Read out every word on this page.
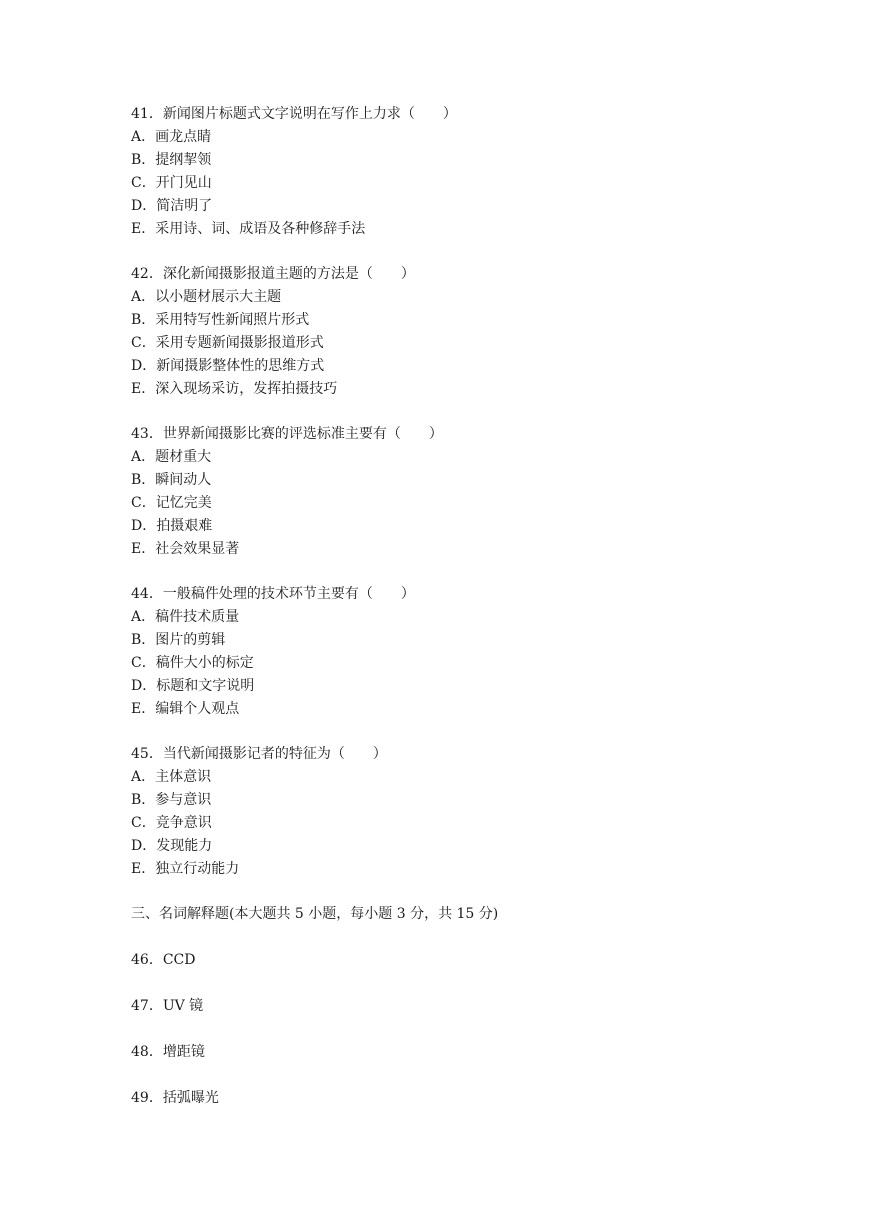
41．新闻图片标题式文字说明在写作上力求（　　）
A．画龙点睛
B．提纲挈领
C．开门见山
D．简洁明了
E．采用诗、词、成语及各种修辞手法
42．深化新闻摄影报道主题的方法是（　　）
A．以小题材展示大主题
B．采用特写性新闻照片形式
C．采用专题新闻摄影报道形式
D．新闻摄影整体性的思维方式
E．深入现场采访，发挥拍摄技巧
43．世界新闻摄影比赛的评选标准主要有（　　）
A．题材重大
B．瞬间动人
C．记忆完美
D．拍摄艰难
E．社会效果显著
44．一般稿件处理的技术环节主要有（　　）
A．稿件技术质量
B．图片的剪辑
C．稿件大小的标定
D．标题和文字说明
E．编辑个人观点
45．当代新闻摄影记者的特征为（　　）
A．主体意识
B．参与意识
C．竞争意识
D．发现能力
E．独立行动能力
三、名词解释题(本大题共 5 小题，每小题 3 分，共 15 分)
46．CCD
47．UV 镜
48．增距镜
49．括弧曝光
